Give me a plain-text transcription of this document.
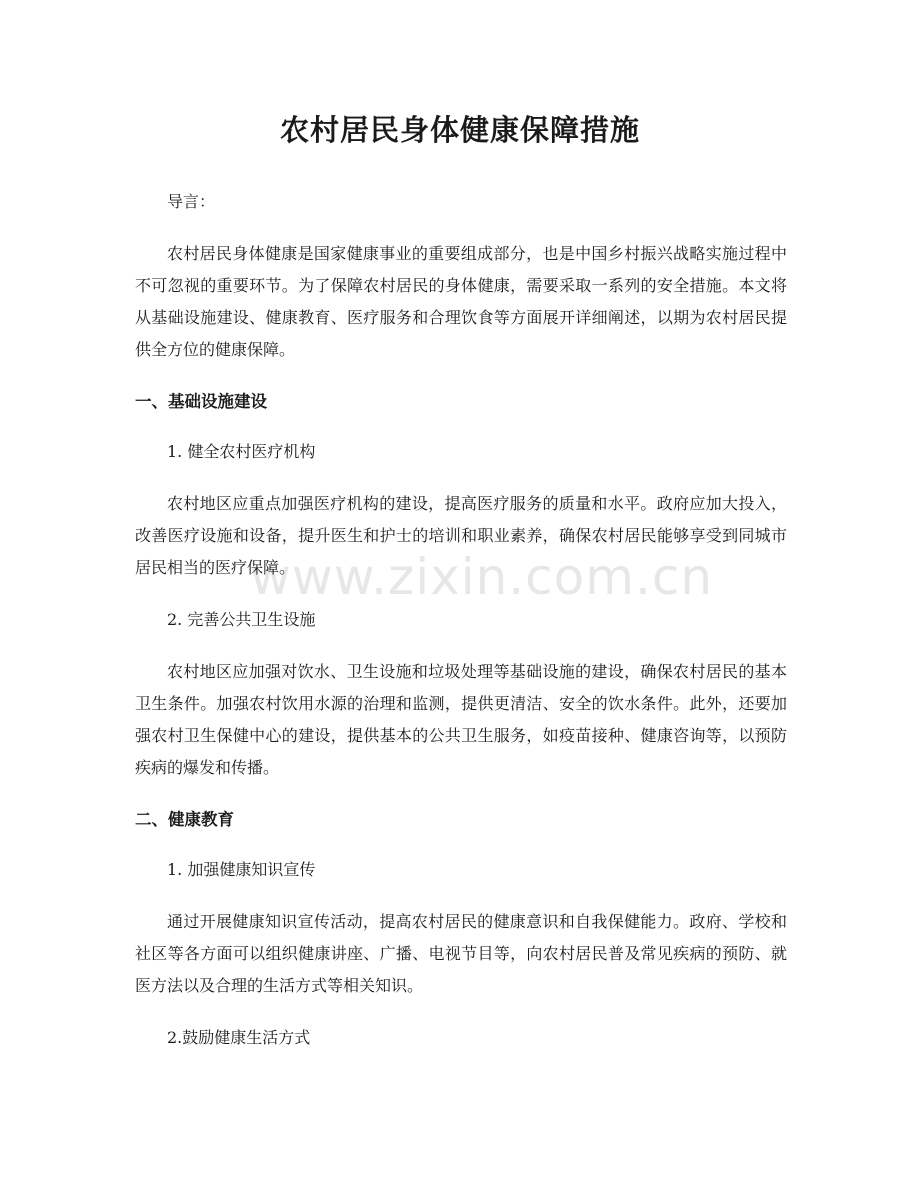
农村居民身体健康保障措施
www.zixin.com.cn

导言：

农村居民身体健康是国家健康事业的重要组成部分，也是中国乡村振兴战略实施过程中不可忽视的重要环节。为了保障农村居民的身体健康，需要采取一系列的安全措施。本文将从基础设施建设、健康教育、医疗服务和合理饮食等方面展开详细阐述，以期为农村居民提供全方位的健康保障。

一、基础设施建设

1. 健全农村医疗机构

农村地区应重点加强医疗机构的建设，提高医疗服务的质量和水平。政府应加大投入，改善医疗设施和设备，提升医生和护士的培训和职业素养，确保农村居民能够享受到同城市居民相当的医疗保障。

2. 完善公共卫生设施

农村地区应加强对饮水、卫生设施和垃圾处理等基础设施的建设，确保农村居民的基本卫生条件。加强农村饮用水源的治理和监测，提供更清洁、安全的饮水条件。此外，还要加强农村卫生保健中心的建设，提供基本的公共卫生服务，如疫苗接种、健康咨询等，以预防疾病的爆发和传播。

二、健康教育

1. 加强健康知识宣传

通过开展健康知识宣传活动，提高农村居民的健康意识和自我保健能力。政府、学校和社区等各方面可以组织健康讲座、广播、电视节目等，向农村居民普及常见疾病的预防、就医方法以及合理的生活方式等相关知识。

2.鼓励健康生活方式
